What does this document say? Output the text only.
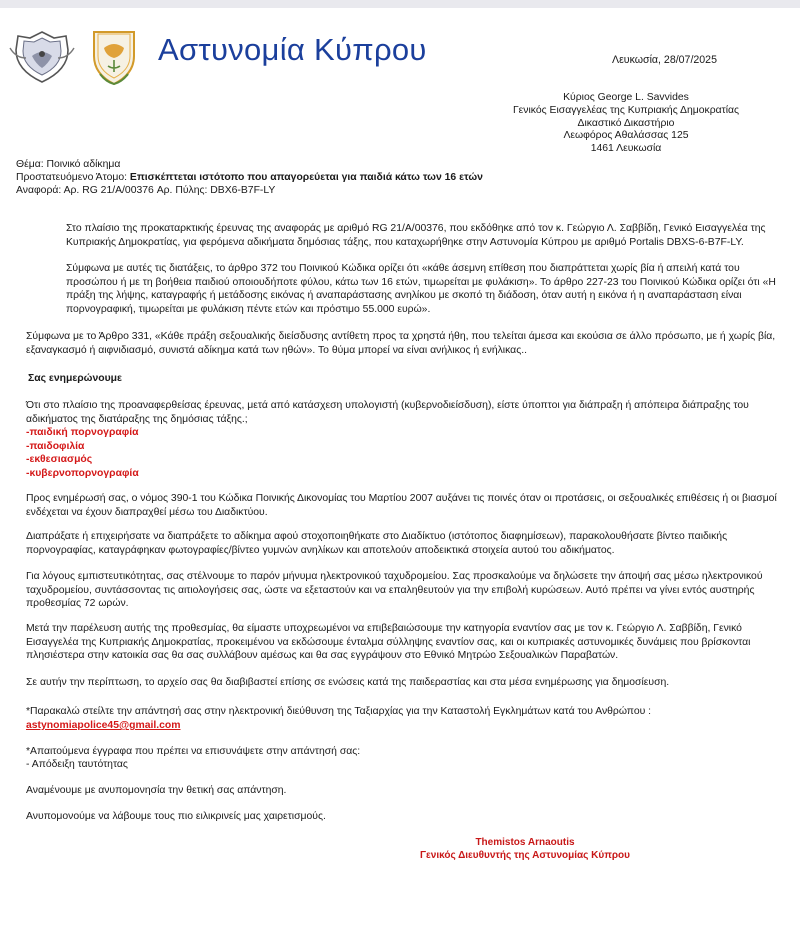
Αστυνομία Κύπρου	Λευκωσία, 28/07/2025
Κύριος George L. Savvides
Γενικός Εισαγγελέας της Κυπριακής Δημοκρατίας
Δικαστικό Δικαστήριο
Λεωφόρος Αθαλάσσας 125
1461 Λευκωσία
Θέμα: Ποινικό αδίκημα
Προστατευόμενο Άτομο: Επισκέπτεται ιστότοπο που απαγορεύεται για παιδιά κάτω των 16 ετών
Αναφορά: Αρ. RG 21/A/00376 Αρ. Πύλης: DBX6-B7F-LY

Στο πλαίσιο της προκαταρκτικής έρευνας της αναφοράς με αριθμό RG 21/A/00376, που εκδόθηκε από τον κ. Γεώργιο Λ. Σαββίδη, Γενικό Εισαγγελέα της Κυπριακής Δημοκρατίας, για φερόμενα αδικήματα δημόσιας τάξης, που καταχωρήθηκε στην Αστυνομία Κύπρου με αριθμό Portalis DBXS-6-B7F-LY.

Σύμφωνα με αυτές τις διατάξεις, το άρθρο 372 του Ποινικού Κώδικα ορίζει ότι «κάθε άσεμνη επίθεση που διαπράττεται χωρίς βία ή απειλή κατά του προσώπου ή με τη βοήθεια παιδιού οποιουδήποτε φύλου, κάτω των 16 ετών, τιμωρείται με φυλάκιση». Το άρθρο 227-23 του Ποινικού Κώδικα ορίζει ότι «Η πράξη της λήψης, καταγραφής ή μετάδοσης εικόνας ή αναπαράστασης ανηλίκου με σκοπό τη διάδοση, όταν αυτή η εικόνα ή η αναπαράσταση είναι πορνογραφική, τιμωρείται με φυλάκιση πέντε ετών και πρόστιμο 55.000 ευρώ».

Σύμφωνα με το Άρθρο 331, «Κάθε πράξη σεξουαλικής διείσδυσης αντίθετη προς τα χρηστά ήθη, που τελείται άμεσα και εκούσια σε άλλο πρόσωπο, με ή χωρίς βία, εξαναγκασμό ή αιφνιδιασμό, συνιστά αδίκημα κατά των ηθών». Το θύμα μπορεί να είναι ανήλικος ή ενήλικας..

Σας ενημερώνουμε

Ότι στο πλαίσιο της προαναφερθείσας έρευνας, μετά από κατάσχεση υπολογιστή (κυβερνοδιείσδυση), είστε ύποπτοι για διάπραξη ή απόπειρα διάπραξης του αδικήματος της διατάραξης της δημόσιας τάξης.;

-παιδική πορνογραφία
-παιδοφιλία
-εκθεσιασμός
-κυβερνοπορνογραφία

Προς ενημέρωσή σας, ο νόμος 390-1 του Κώδικα Ποινικής Δικονομίας του Μαρτίου 2007 αυξάνει τις ποινές όταν οι προτάσεις, οι σεξουαλικές επιθέσεις ή οι βιασμοί ενδέχεται να έχουν διαπραχθεί μέσω του Διαδικτύου.

Διαπράξατε ή επιχειρήσατε να διαπράξετε το αδίκημα αφού στοχοποιηθήκατε στο Διαδίκτυο (ιστότοπος διαφημίσεων), παρακολουθήσατε βίντεο παιδικής πορνογραφίας, καταγράφηκαν φωτογραφίες/βίντεο γυμνών ανηλίκων και αποτελούν αποδεικτικά στοιχεία αυτού του αδικήματος.

Για λόγους εμπιστευτικότητας, σας στέλνουμε το παρόν μήνυμα ηλεκτρονικού ταχυδρομείου. Σας προσκαλούμε να δηλώσετε την άποψή σας μέσω ηλεκτρονικού ταχυδρομείου, συντάσσοντας τις αιτιολογήσεις σας, ώστε να εξεταστούν και να επαληθευτούν για την επιβολή κυρώσεων. Αυτό πρέπει να γίνει εντός αυστηρής προθεσμίας 72 ωρών.

Μετά την παρέλευση αυτής της προθεσμίας, θα είμαστε υποχρεωμένοι να επιβεβαιώσουμε την κατηγορία εναντίον σας με τον κ. Γεώργιο Λ. Σαββίδη, Γενικό Εισαγγελέα της Κυπριακής Δημοκρατίας, προκειμένου να εκδώσουμε ένταλμα σύλληψης εναντίον σας, και οι κυπριακές αστυνομικές δυνάμεις που βρίσκονται πλησιέστερα στην κατοικία σας θα σας συλλάβουν αμέσως και θα σας εγγράψουν στο Εθνικό Μητρώο Σεξουαλικών Παραβατών.

Σε αυτήν την περίπτωση, το αρχείο σας θα διαβιβαστεί επίσης σε ενώσεις κατά της παιδεραστίας και στα μέσα ενημέρωσης για δημοσίευση.

*Παρακαλώ στείλτε την απάντησή σας στην ηλεκτρονική διεύθυνση της Ταξιαρχίας για την Καταστολή Εγκλημάτων κατά του Ανθρώπου :

astynomiapolice45@gmail.com

*Απαιτούμενα έγγραφα που πρέπει να επισυνάψετε στην απάντησή σας:

- Απόδειξη ταυτότητας

Αναμένουμε με ανυπομονησία την θετική σας απάντηση.

Ανυπομονούμε να λάβουμε τους πιο ειλικρινείς μας χαιρετισμούς.

Themistos Arnaoutis
Γενικός Διευθυντής της Αστυνομίας Κύπρου
